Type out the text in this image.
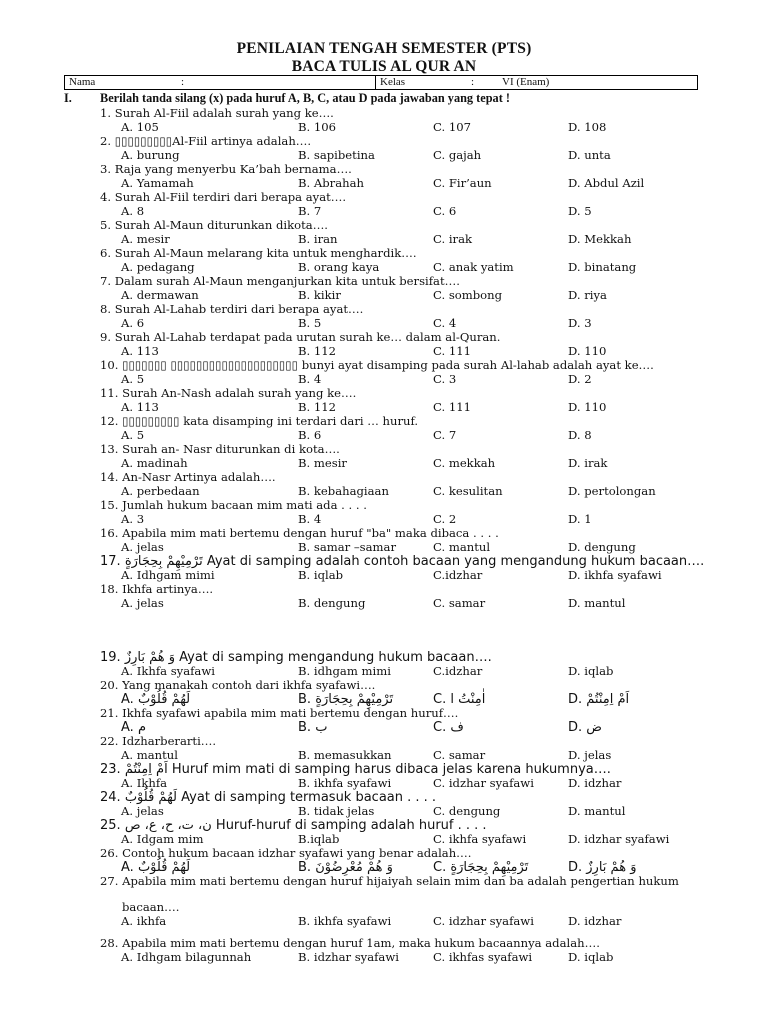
PENILAIAN TENGAH SEMESTER (PTS)
BACA TULIS AL QUR AN
Nama	:	Kelas	:	VI (Enam)
I. Berilah tanda silang (x) pada huruf A, B, C, atau D pada jawaban yang tepat !
1. Surah Al-Fiil adalah surah yang ke….
A. 105	B. 106	C. 107	D. 108
2. ▯▯▯▯▯▯▯▯▯Al-Fiil artinya adalah….
A. burung	B. sapibetina	C. gajah	D. unta
3. Raja yang menyerbu Ka’bah bernama….
A. Yamamah	B. Abrahah	C. Fir’aun	D. Abdul Azil
4. Surah Al-Fiil terdiri dari berapa ayat….
A. 8	B. 7	C. 6	D. 5
5. Surah Al-Maun diturunkan dikota….
A. mesir	B. iran	C. irak	D. Mekkah
6. Surah Al-Maun melarang kita untuk menghardik….
A. pedagang	B. orang kaya	C. anak yatim	D. binatang
7. Dalam surah Al-Maun menganjurkan kita untuk bersifat….
A. dermawan	B. kikir	C. sombong	D. riya
8. Surah Al-Lahab terdiri dari berapa ayat….
A. 6	B. 5	C. 4	D. 3
9. Surah Al-Lahab terdapat pada urutan surah ke… dalam al-Quran.
A. 113	B. 112	C. 111	D. 110
10. ▯▯▯▯▯▯▯ ▯▯▯▯▯▯▯▯▯▯▯▯▯▯▯▯▯▯▯▯ bunyi ayat disamping pada surah Al-lahab adalah ayat ke….
A. 5	B. 4	C. 3	D. 2
11. Surah An-Nash adalah surah yang ke….
A. 113	B. 112	C. 111	D. 110
12. ▯▯▯▯▯▯▯▯▯ kata disamping ini terdari dari … huruf.
A. 5	B. 6	C. 7	D. 8
13. Surah an- Nasr diturunkan di kota….
A. madinah	B. mesir	C. mekkah	D. irak
14. An-Nasr Artinya adalah….
A. perbedaan	B. kebahagiaan	C. kesulitan	D. pertolongan
15. Jumlah hukum bacaan mim mati ada . . . .
A. 3	B. 4	C. 2	D. 1
16. Apabila mim mati bertemu dengan huruf "ba" maka dibaca . . . .
A. jelas	B. samar –samar	C. mantul	D. dengung
17. تَرْمِيْهِمْ بِحِجَارَةٍ Ayat di samping adalah contoh bacaan yang mengandung hukum bacaan….
A. Idhgam mimi	B. iqlab	C.idzhar	D. ikhfa syafawi
18. Ikhfa artinya….
A. jelas	B. dengung	C. samar	D. mantul
19. وَ هُمْ بَارِزٌ Ayat di samping mengandung hukum bacaan….
A. Ikhfa syafawi	B. idhgam mimi	C.idzhar	D. iqlab
20. Yang manakah contoh dari ikhfa syafawi….
A. لَهُمْ قُلُوْبٌ	B. تَرْمِيْهِمْ بِحِجَارَةٍ	C. اٰمِنْتُ ا	D. اَمْ اِمِنْتُمْ
21. Ikhfa syafawi apabila mim mati bertemu dengan huruf….
A. م	B. ب	C. ف	D. ض
22. Idzharberarti….
A. mantul	B. memasukkan	C. samar	D. jelas
23. اَمْ اِمِنْتُمْ Huruf mim mati di samping harus dibaca jelas karena hukumnya….
A. Ikhfa	B. ikhfa syafawi	C. idzhar syafawi	D. idzhar
24. لَهُمْ قُلُوْبٌ Ayat di samping termasuk bacaan . . . .
A. jelas	B. tidak jelas	C. dengung	D. mantul
25. ن، ت، ح، ع، ص Huruf-huruf di samping adalah huruf . . . .
A. Idgam mim	B.iqlab	C. ikhfa syafawi	D. idzhar syafawi
26. Contoh hukum bacaan idzhar syafawi yang benar adalah….
A. لَهُمْ قُلُوْبٌ	B. وَ هُمْ مُعْرِضُوْنَ	C. تَرْمِيْهِمْ بِحِجَارَةٍ	D. وَ هُمْ بَارِزٌ
27. Apabila mim mati bertemu dengan huruf hijaiyah selain mim dan ba adalah pengertian hukum
bacaan….
A. ikhfa	B. ikhfa syafawi	C. idzhar syafawi	D. idzhar
28. Apabila mim mati bertemu dengan huruf 1am, maka hukum bacaannya adalah….
A. Idhgam bilagunnah	B. idzhar syafawi	C. ikhfas syafawi	D. iqlab
